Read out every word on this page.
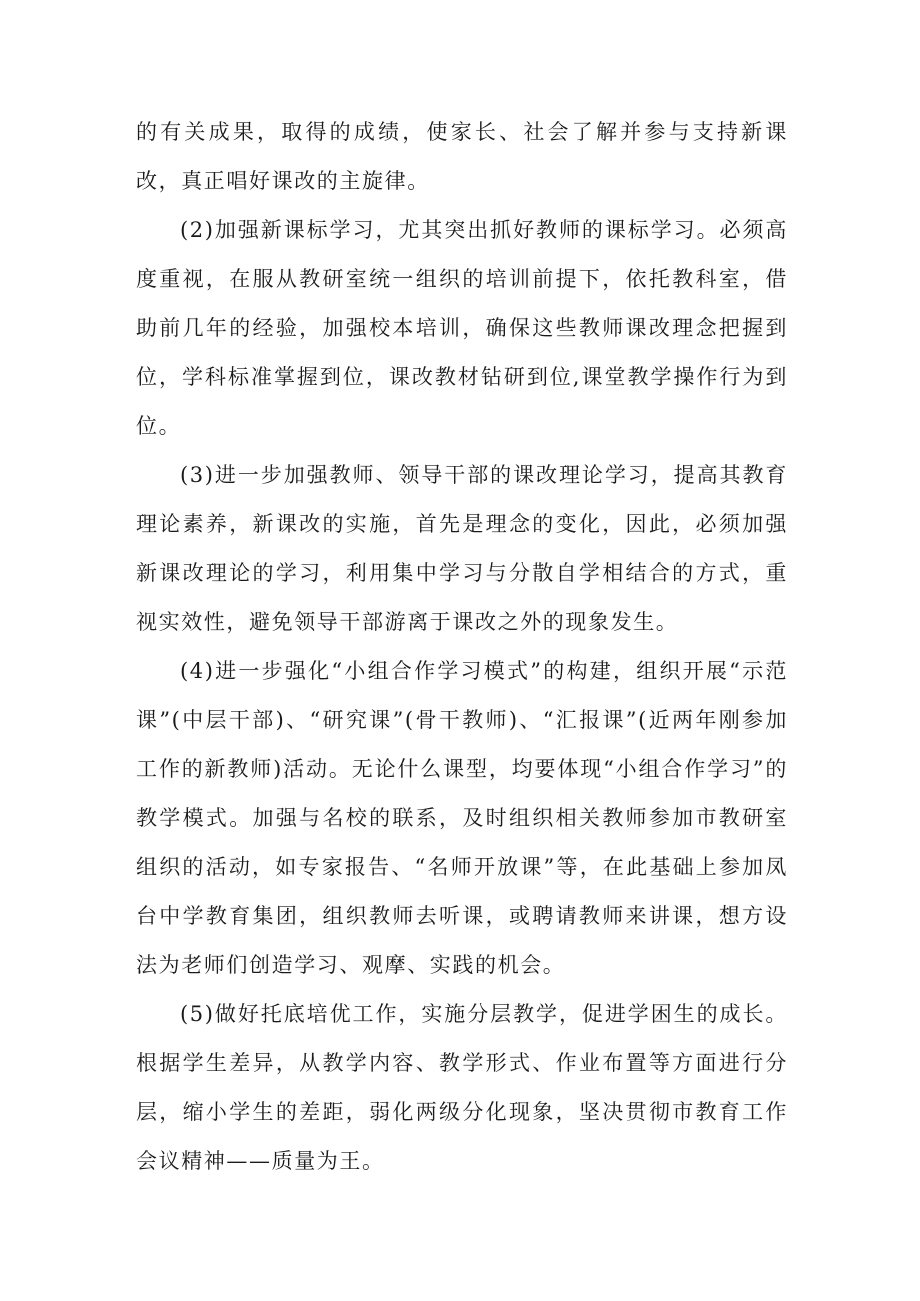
的有关成果，取得的成绩，使家长、社会了解并参与支持新课改，真正唱好课改的主旋律。

(2)加强新课标学习，尤其突出抓好教师的课标学习。必须高度重视，在服从教研室统一组织的培训前提下，依托教科室，借助前几年的经验，加强校本培训，确保这些教师课改理念把握到位，学科标准掌握到位，课改教材钻研到位,课堂教学操作行为到位。

(3)进一步加强教师、领导干部的课改理论学习，提高其教育理论素养，新课改的实施，首先是理念的变化，因此，必须加强新课改理论的学习，利用集中学习与分散自学相结合的方式，重视实效性，避免领导干部游离于课改之外的现象发生。

(4)进一步强化“小组合作学习模式”的构建，组织开展“示范课”(中层干部)、“研究课”(骨干教师)、“汇报课”(近两年刚参加工作的新教师)活动。无论什么课型，均要体现“小组合作学习”的教学模式。加强与名校的联系，及时组织相关教师参加市教研室组织的活动，如专家报告、“名师开放课”等，在此基础上参加凤台中学教育集团，组织教师去听课，或聘请教师来讲课，想方设法为老师们创造学习、观摩、实践的机会。

(5)做好托底培优工作，实施分层教学，促进学困生的成长。根据学生差异，从教学内容、教学形式、作业布置等方面进行分层，缩小学生的差距，弱化两级分化现象，坚决贯彻市教育工作会议精神——质量为王。
